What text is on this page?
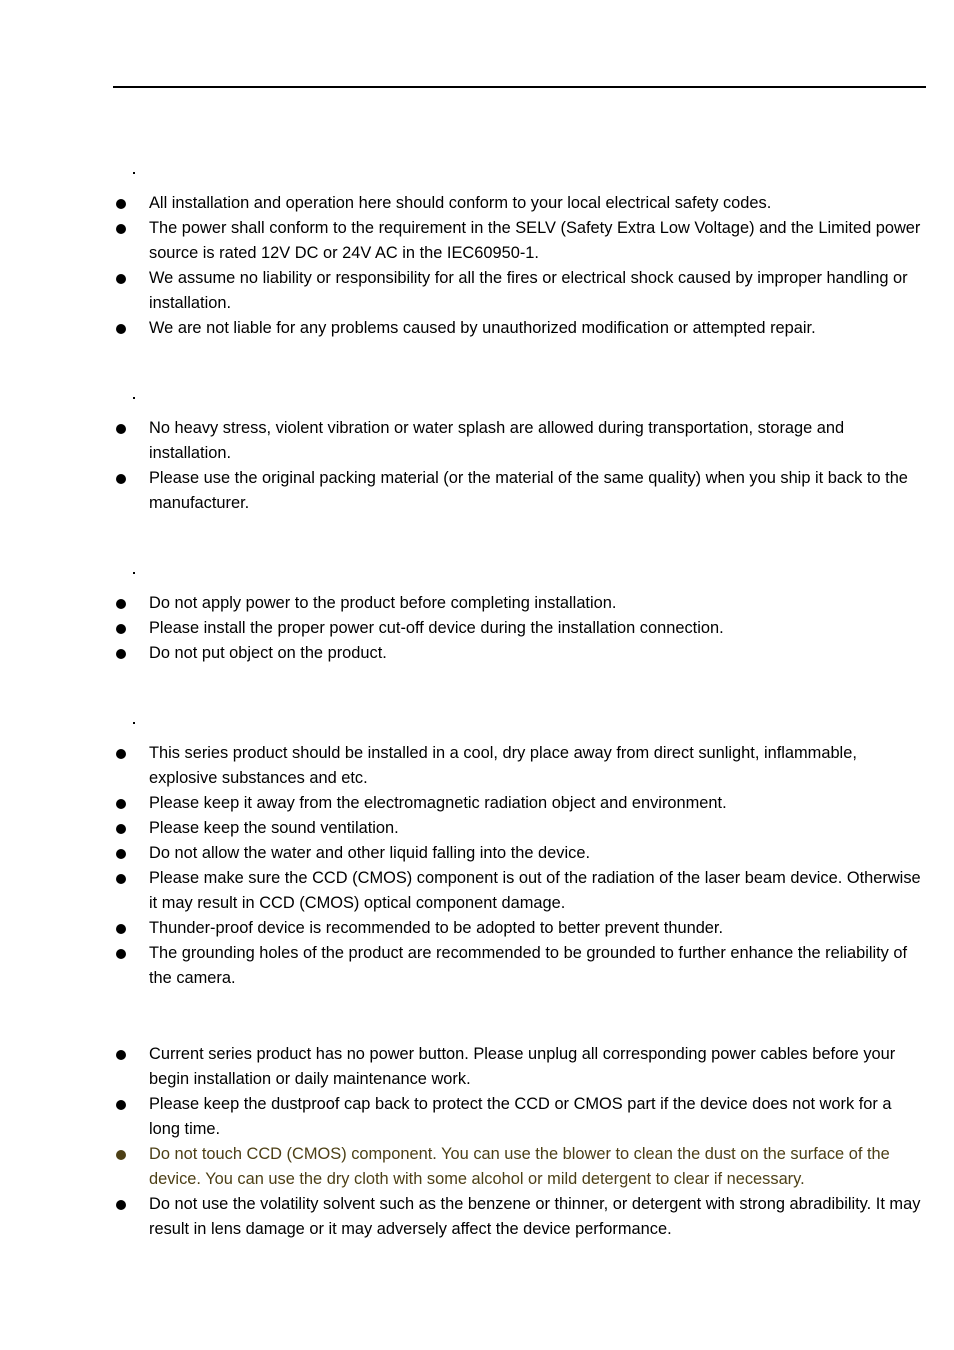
All installation and operation here should conform to your local electrical safety codes.
The power shall conform to the requirement in the SELV (Safety Extra Low Voltage) and the Limited power source is rated 12V DC or 24V AC in the IEC60950-1.
We assume no liability or responsibility for all the fires or electrical shock caused by improper handling or installation.
We are not liable for any problems caused by unauthorized modification or attempted repair.
No heavy stress, violent vibration or water splash are allowed during transportation, storage and installation.
Please use the original packing material (or the material of the same quality) when you ship it back to the manufacturer.
Do not apply power to the product before completing installation.
Please install the proper power cut-off device during the installation connection.
Do not put object on the product.
This series product should be installed in a cool, dry place away from direct sunlight, inflammable, explosive substances and etc.
Please keep it away from the electromagnetic radiation object and environment.
Please keep the sound ventilation.
Do not allow the water and other liquid falling into the device.
Please make sure the CCD (CMOS) component is out of the radiation of the laser beam device. Otherwise it may result in CCD (CMOS) optical component damage.
Thunder-proof device is recommended to be adopted to better prevent thunder.
The grounding holes of the product are recommended to be grounded to further enhance the reliability of the camera.
Current series product has no power button. Please unplug all corresponding power cables before your begin installation or daily maintenance work.
Please keep the dustproof cap back to protect the CCD or CMOS part if the device does not work for a long time.
Do not touch CCD (CMOS) component. You can use the blower to clean the dust on the surface of the device. You can use the dry cloth with some alcohol or mild detergent to clear if necessary.
Do not use the volatility solvent such as the benzene or thinner, or detergent with strong abradibility. It may result in lens damage or it may adversely affect the device performance.
